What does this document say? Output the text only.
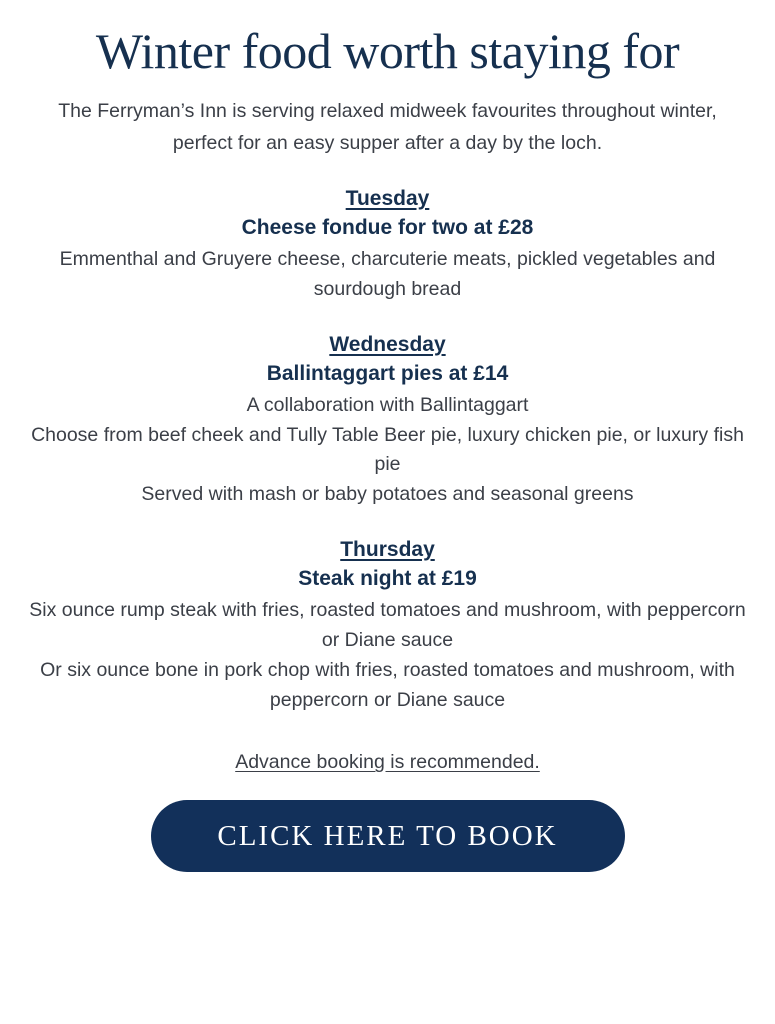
Winter food worth staying for

The Ferryman’s Inn is serving relaxed midweek favourites throughout winter, perfect for an easy supper after a day by the loch.

Tuesday
Cheese fondue for two at £28
Emmenthal and Gruyere cheese, charcuterie meats, pickled vegetables and sourdough bread
Wednesday
Ballintaggart pies at £14
A collaboration with Ballintaggart
Choose from beef cheek and Tully Table Beer pie, luxury chicken pie, or luxury fish pie
Served with mash or baby potatoes and seasonal greens
Thursday
Steak night at £19
Six ounce rump steak with fries, roasted tomatoes and mushroom, with peppercorn or Diane sauce
Or six ounce bone in pork chop with fries, roasted tomatoes and mushroom, with peppercorn or Diane sauce
Advance booking is recommended.
CLICK HERE TO BOOK
